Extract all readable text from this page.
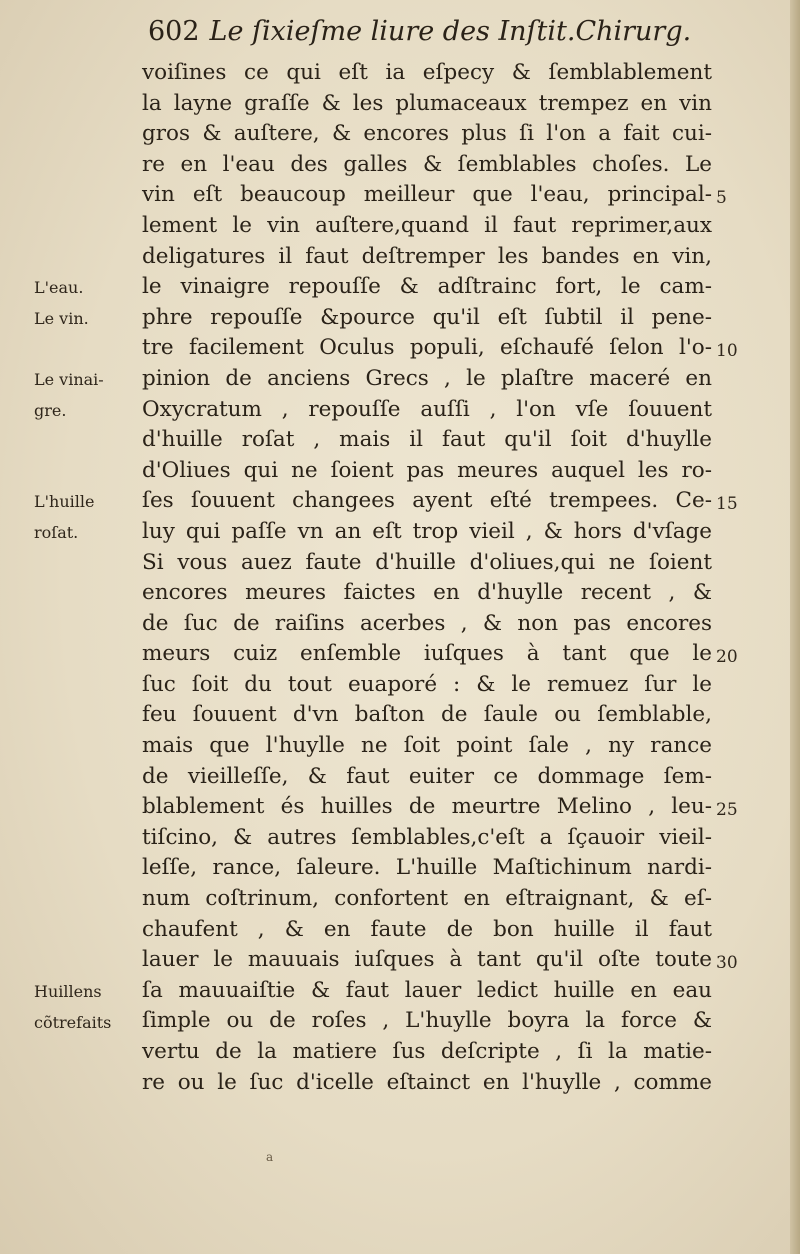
602 Le ſixieſme liure des Inſtit.Chirurg.
voiſines ce qui eſt ia eſpecy & ſemblablement
la layne graſſe & les plumaceaux trempez en vin
gros & auſtere, & encores plus ſi l'on a fait cui-
re en l'eau des galles & ſemblables choſes. Le
vin eſt beaucoup meilleur que l'eau, principal-
lement le vin auſtere,quand il faut reprimer,aux
deligatures il faut deſtremper les bandes en vin,
le vinaigre repouſſe & adſtrainc fort, le cam-
phre repouſſe &pource qu'il eſt ſubtil il pene-
tre facilement Oculus populi, eſchaufé ſelon l'o-
pinion de anciens Grecs , le plaſtre maceré en
Oxycratum , repouſſe auſſi , l'on vſe ſouuent
d'huille roſat , mais il faut qu'il ſoit d'huylle
d'Oliues qui ne ſoient pas meures auquel les ro-
ſes ſouuent changees ayent eſté trempees. Ce-
luy qui paſſe vn an eſt trop vieil , & hors d'vſage
Si vous auez faute d'huille d'oliues,qui ne ſoient
encores meures faictes en d'huylle recent , &
de ſuc de raiſins acerbes , & non pas encores
meurs cuiz enſemble iuſques à tant que le
ſuc ſoit du tout euaporé : & le remuez ſur le
feu ſouuent d'vn baſton de ſaule ou ſemblable,
mais que l'huylle ne ſoit point ſale , ny rance
de vieilleſſe, & faut euiter ce dommage ſem-
blablement és huilles de meurtre Melino , leu-
tiſcino, & autres ſemblables,c'eſt a ſçauoir vieil-
leſſe, rance, ſaleure. L'huille Maſtichinum nardi-
num coſtrinum, confortent en eſtraignant, & eſ-
chaufent , & en faute de bon huille il faut
lauer le mauuais iuſques à tant qu'il oſte toute
ſa mauuaiſtie & faut lauer ledict huille en eau
ſimple ou de roſes , L'huylle boyra la force &
vertu de la matiere ſus deſcripte , ſi la matie-
re ou le ſuc d'icelle eſtainct en l'huylle , comme
L'eau.
Le vin.
Le vinai-
gre.
L'huille
roſat.
Huillens
cõtrefaits
5
10
15
20
25
30
a
